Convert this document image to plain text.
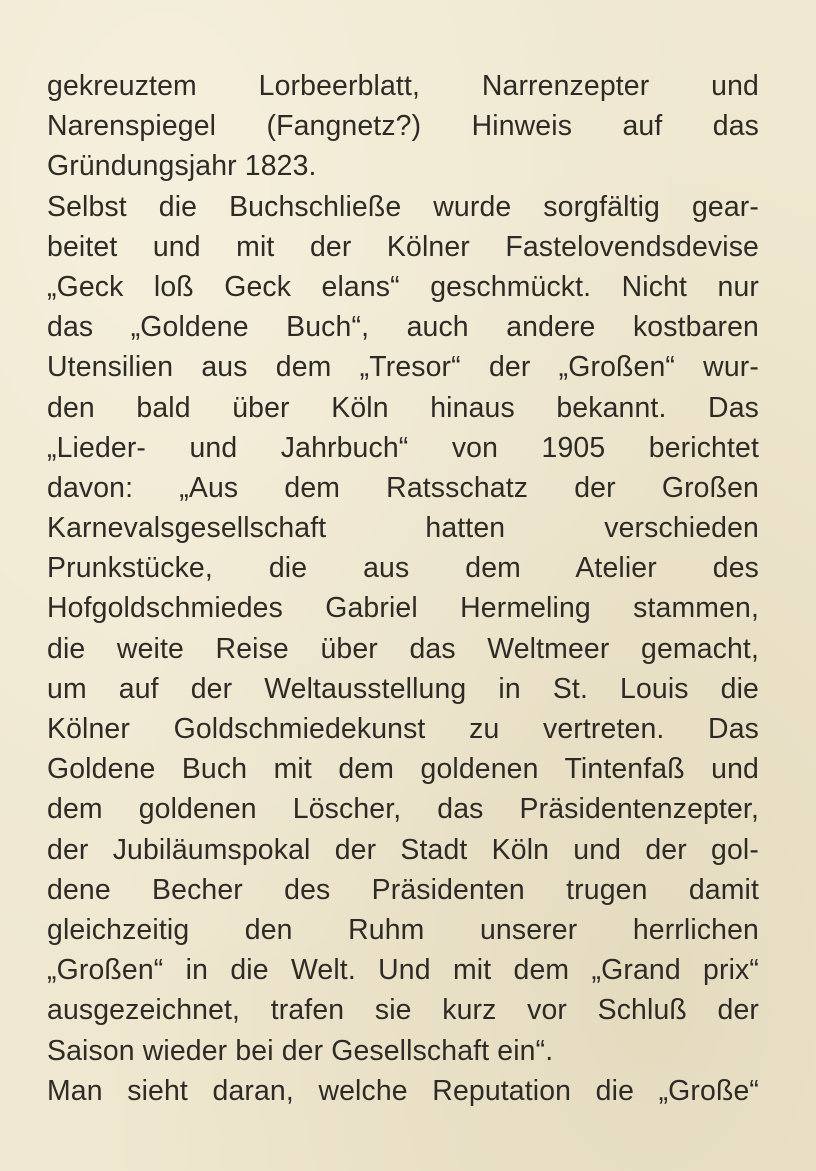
gekreuztem Lorbeerblatt, Narrenzepter und
Narenspiegel (Fangnetz?) Hinweis auf das
Gründungsjahr 1823.
Selbst die Buchschließe wurde sorgfältig gear-
beitet und mit der Kölner Fastelovendsdevise
„Geck loß Geck elans“ geschmückt. Nicht nur
das „Goldene Buch“, auch andere kostbaren
Utensilien aus dem „Tresor“ der „Großen“ wur-
den bald über Köln hinaus bekannt. Das
„Lieder- und Jahrbuch“ von 1905 berichtet
davon: „Aus dem Ratsschatz der Großen
Karnevalsgesellschaft hatten verschieden
Prunkstücke, die aus dem Atelier des
Hofgoldschmiedes Gabriel Hermeling stammen,
die weite Reise über das Weltmeer gemacht,
um auf der Weltausstellung in St. Louis die
Kölner Goldschmiedekunst zu vertreten. Das
Goldene Buch mit dem goldenen Tintenfaß und
dem goldenen Löscher, das Präsidentenzepter,
der Jubiläumspokal der Stadt Köln und der gol-
dene Becher des Präsidenten trugen damit
gleichzeitig den Ruhm unserer herrlichen
„Großen“ in die Welt. Und mit dem „Grand prix“
ausgezeichnet, trafen sie kurz vor Schluß der
Saison wieder bei der Gesellschaft ein“.
Man sieht daran, welche Reputation die „Große“
